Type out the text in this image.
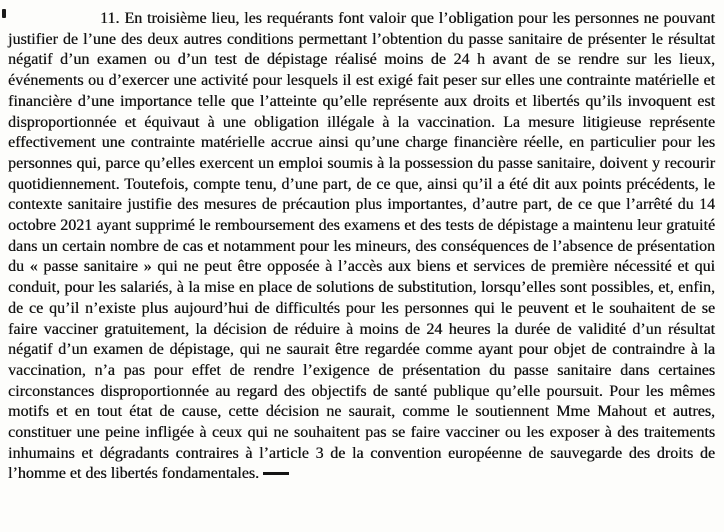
11. En troisième lieu, les requérants font valoir que l’obligation pour les personnes ne pouvant justifier de l’une des deux autres conditions permettant l’obtention du passe sanitaire de présenter le résultat négatif d’un examen ou d’un test de dépistage réalisé moins de 24 h avant de se rendre sur les lieux, événements ou d’exercer une activité pour lesquels il est exigé fait peser sur elles une contrainte matérielle et financière d’une importance telle que l’atteinte qu’elle représente aux droits et libertés qu’ils invoquent est disproportionnée et équivaut à une obligation illégale à la vaccination. La mesure litigieuse représente effectivement une contrainte matérielle accrue ainsi qu’une charge financière réelle, en particulier pour les personnes qui, parce qu’elles exercent un emploi soumis à la possession du passe sanitaire, doivent y recourir quotidiennement. Toutefois, compte tenu, d’une part, de ce que, ainsi qu’il a été dit aux points précédents, le contexte sanitaire justifie des mesures de précaution plus importantes, d’autre part, de ce que l’arrêté du 14 octobre 2021 ayant supprimé le remboursement des examens et des tests de dépistage a maintenu leur gratuité dans un certain nombre de cas et notamment pour les mineurs, des conséquences de l’absence de présentation du « passe sanitaire » qui ne peut être opposée à l’accès aux biens et services de première nécessité et qui conduit, pour les salariés, à la mise en place de solutions de substitution, lorsqu’elles sont possibles, et, enfin, de ce qu’il n’existe plus aujourd’hui de difficultés pour les personnes qui le peuvent et le souhaitent de se faire vacciner gratuitement, la décision de réduire à moins de 24 heures la durée de validité d’un résultat négatif d’un examen de dépistage, qui ne saurait être regardée comme ayant pour objet de contraindre à la vaccination, n’a pas pour effet de rendre l’exigence de présentation du passe sanitaire dans certaines circonstances disproportionnée au regard des objectifs de santé publique qu’elle poursuit. Pour les mêmes motifs et en tout état de cause, cette décision ne saurait, comme le soutiennent Mme Mahout et autres, constituer une peine infligée à ceux qui ne souhaitent pas se faire vacciner ou les exposer à des traitements inhumains et dégradants contraires à l’article 3 de la convention européenne de sauvegarde des droits de l’homme et des libertés fondamentales.
